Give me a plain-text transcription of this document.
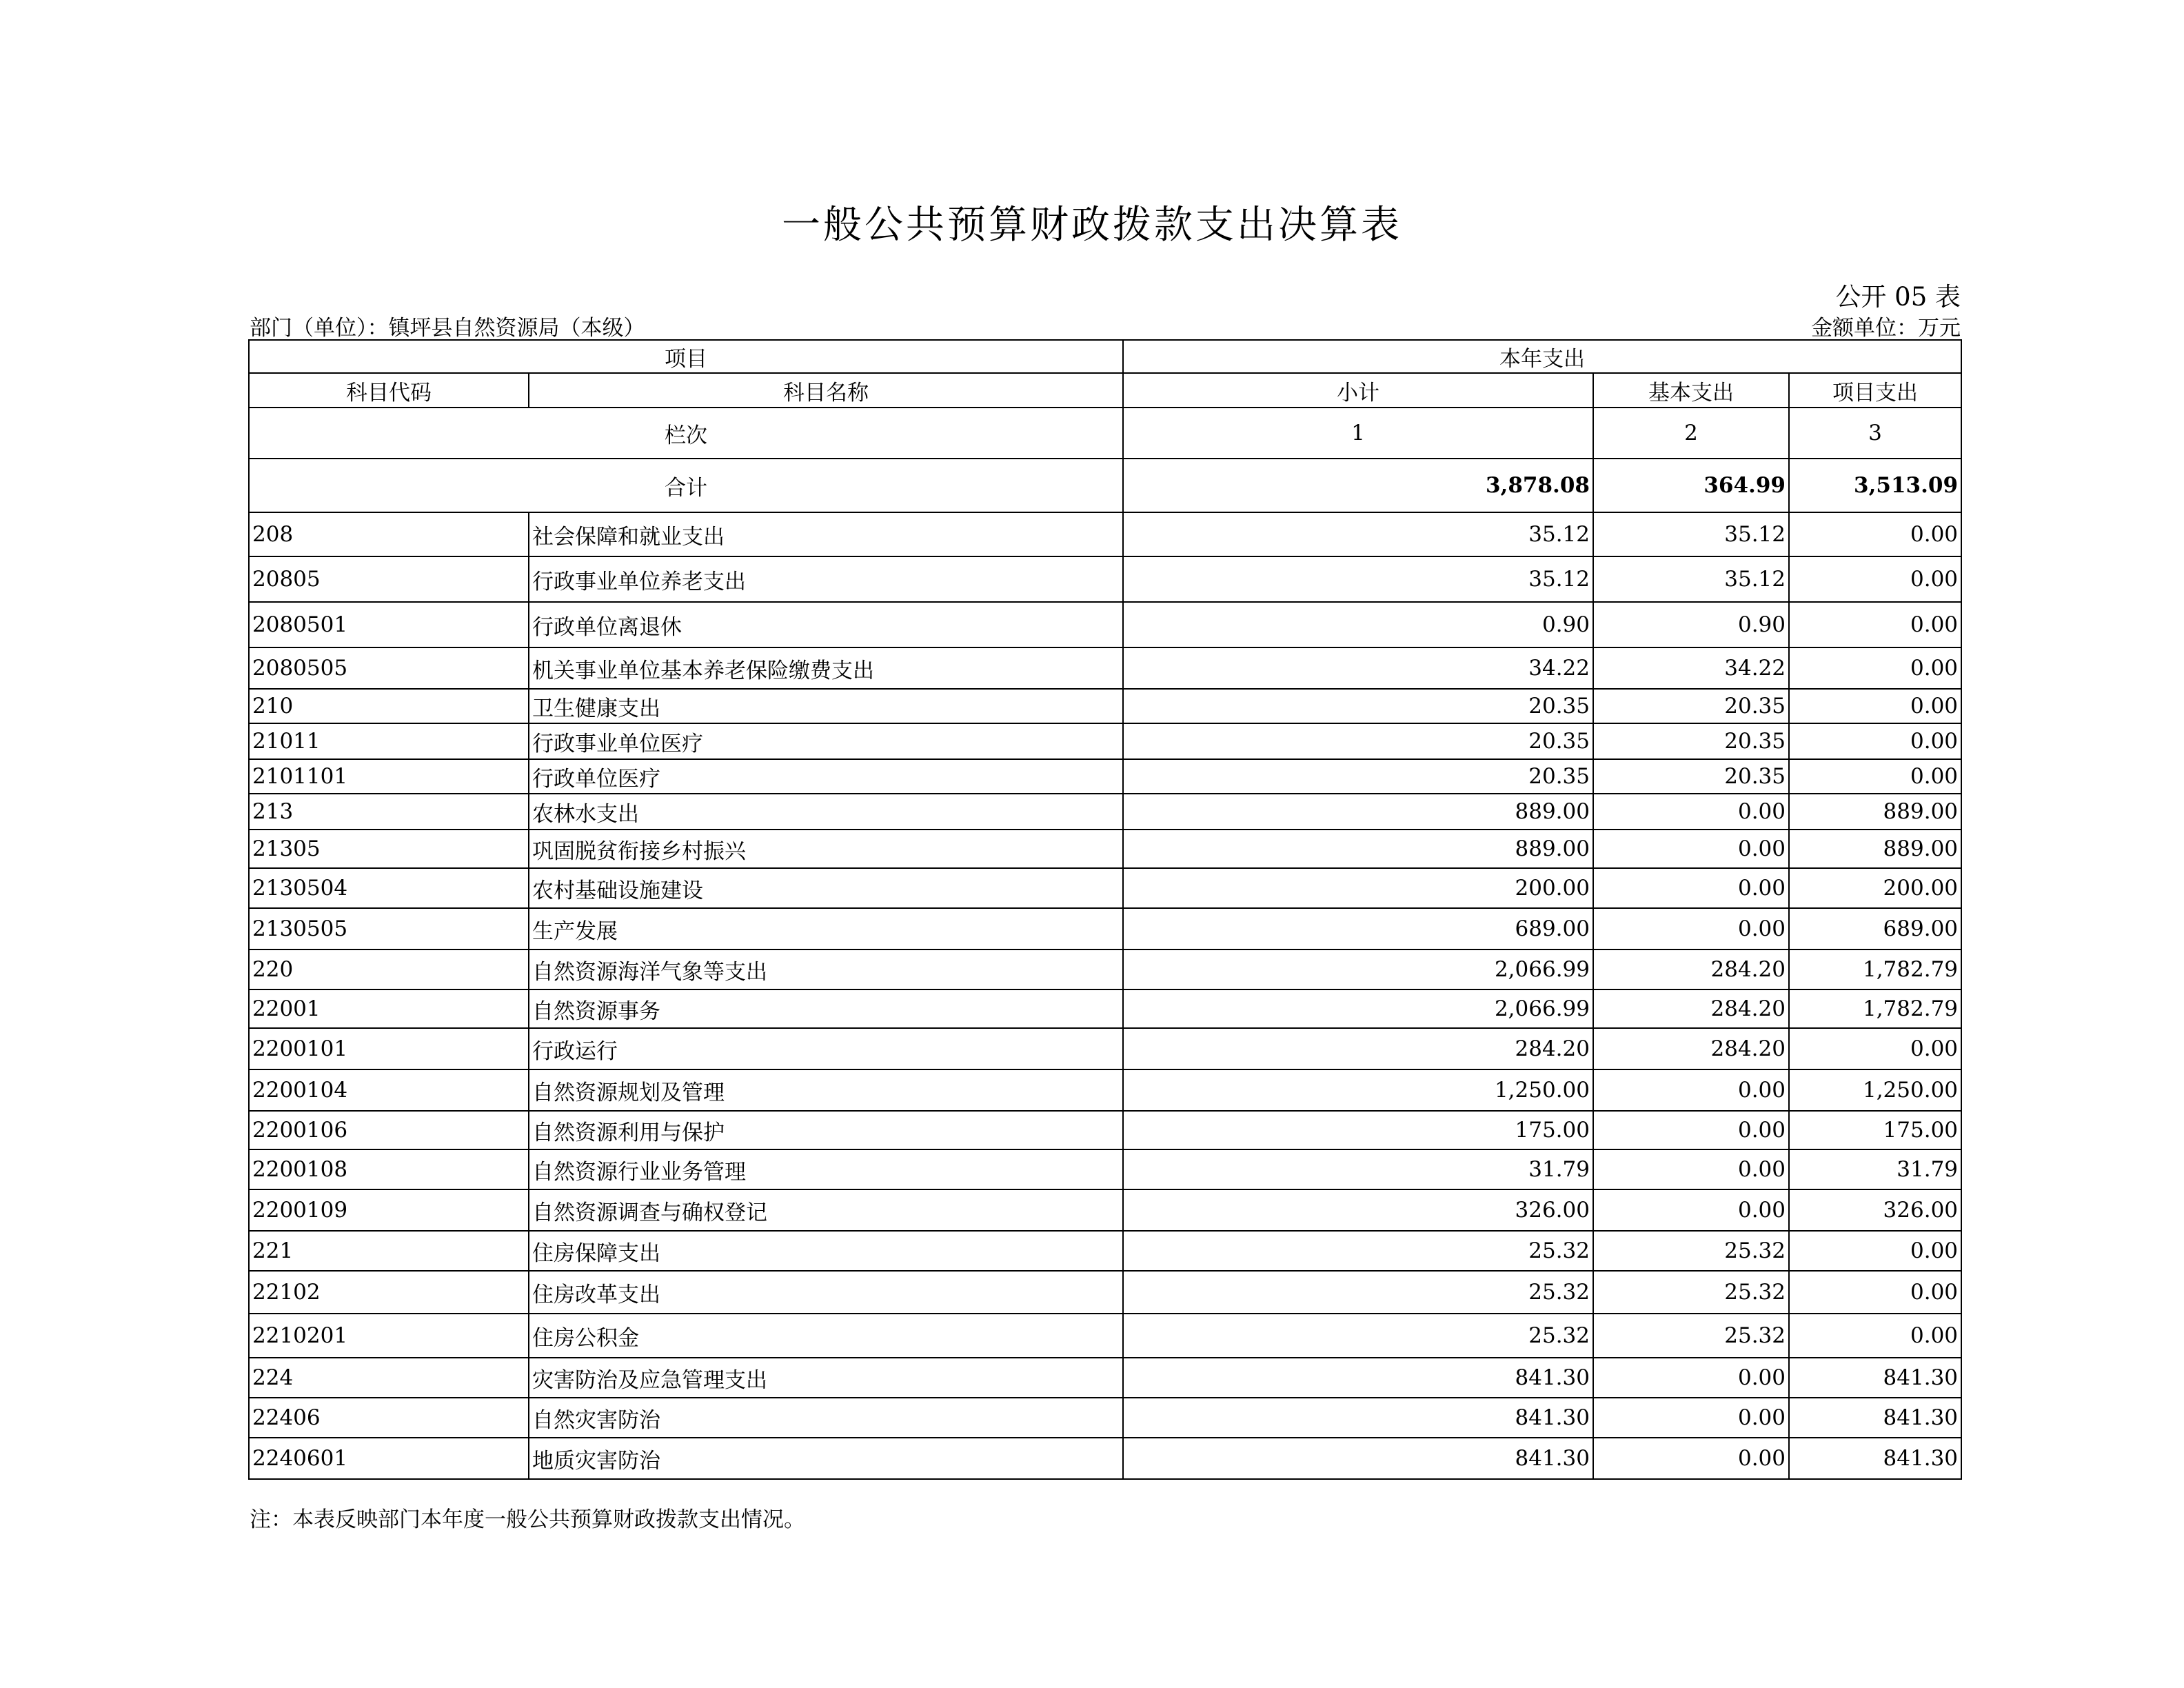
一般公共预算财政拨款支出决算表
公开 05 表
部门（单位）：镇坪县自然资源局（本级）	金额单位：万元
项目		本年支出		
科目代码	科目名称	小计	基本支出	项目支出
栏次		1	2	3
合计		3,878.08	364.99	3,513.09
208	社会保障和就业支出	35.12	35.12	0.00
20805	行政事业单位养老支出	35.12	35.12	0.00
2080501	行政单位离退休	0.90	0.90	0.00
2080505	机关事业单位基本养老保险缴费支出	34.22	34.22	0.00
210	卫生健康支出	20.35	20.35	0.00
21011	行政事业单位医疗	20.35	20.35	0.00
2101101	行政单位医疗	20.35	20.35	0.00
213	农林水支出	889.00	0.00	889.00
21305	巩固脱贫衔接乡村振兴	889.00	0.00	889.00
2130504	农村基础设施建设	200.00	0.00	200.00
2130505	生产发展	689.00	0.00	689.00
220	自然资源海洋气象等支出	2,066.99	284.20	1,782.79
22001	自然资源事务	2,066.99	284.20	1,782.79
2200101	行政运行	284.20	284.20	0.00
2200104	自然资源规划及管理	1,250.00	0.00	1,250.00
2200106	自然资源利用与保护	175.00	0.00	175.00
2200108	自然资源行业业务管理	31.79	0.00	31.79
2200109	自然资源调查与确权登记	326.00	0.00	326.00
221	住房保障支出	25.32	25.32	0.00
22102	住房改革支出	25.32	25.32	0.00
2210201	住房公积金	25.32	25.32	0.00
224	灾害防治及应急管理支出	841.30	0.00	841.30
22406	自然灾害防治	841.30	0.00	841.30
2240601	地质灾害防治	841.30	0.00	841.30
注：本表反映部门本年度一般公共预算财政拨款支出情况。
